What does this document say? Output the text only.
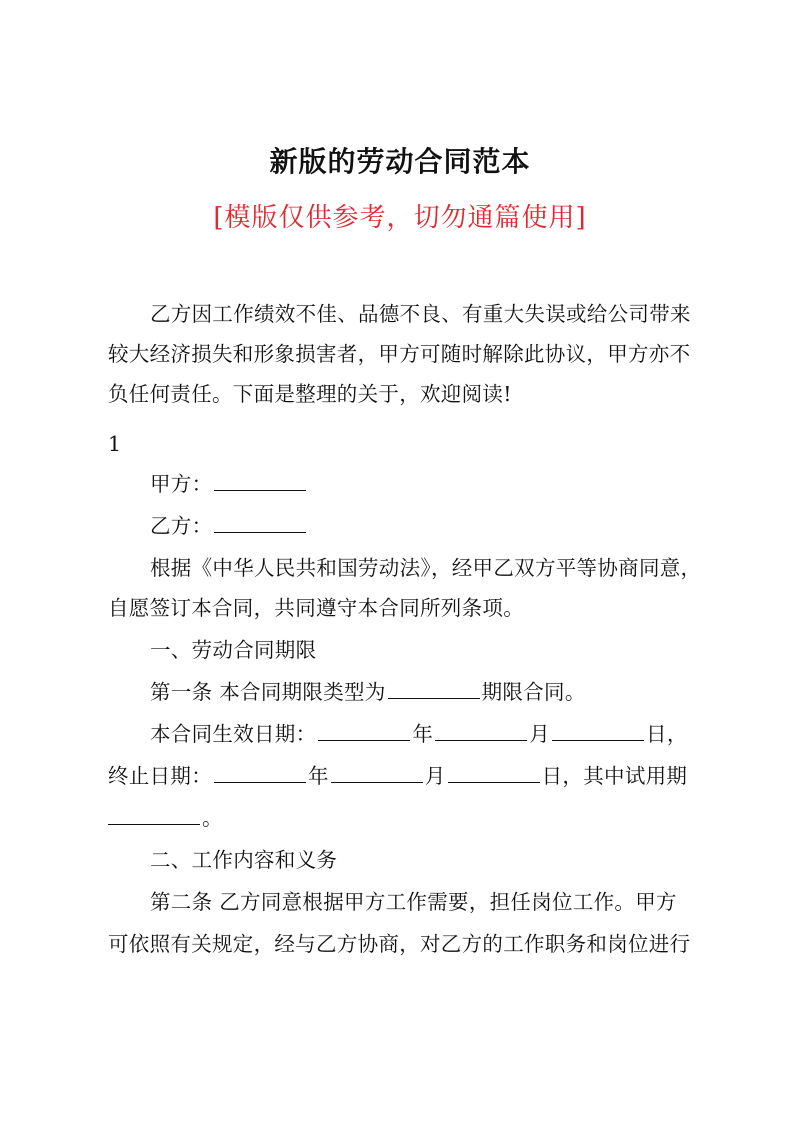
新版的劳动合同范本
[模版仅供参考，切勿通篇使用]
乙方因工作绩效不佳、品德不良、有重大失误或给公司带来
较大经济损失和形象损害者，甲方可随时解除此协议，甲方亦不
负任何责任。下面是整理的关于，欢迎阅读!
1
甲方：
乙方：
根据《中华人民共和国劳动法》，经甲乙双方平等协商同意，
自愿签订本合同，共同遵守本合同所列条项。
一、劳动合同期限
第一条 本合同期限类型为	期限合同。
本合同生效日期：	年	月	日，
终止日期：	年	月	日，其中试用期
。
二、工作内容和义务
第二条 乙方同意根据甲方工作需要，担任岗位工作。甲方
可依照有关规定，经与乙方协商，对乙方的工作职务和岗位进行
